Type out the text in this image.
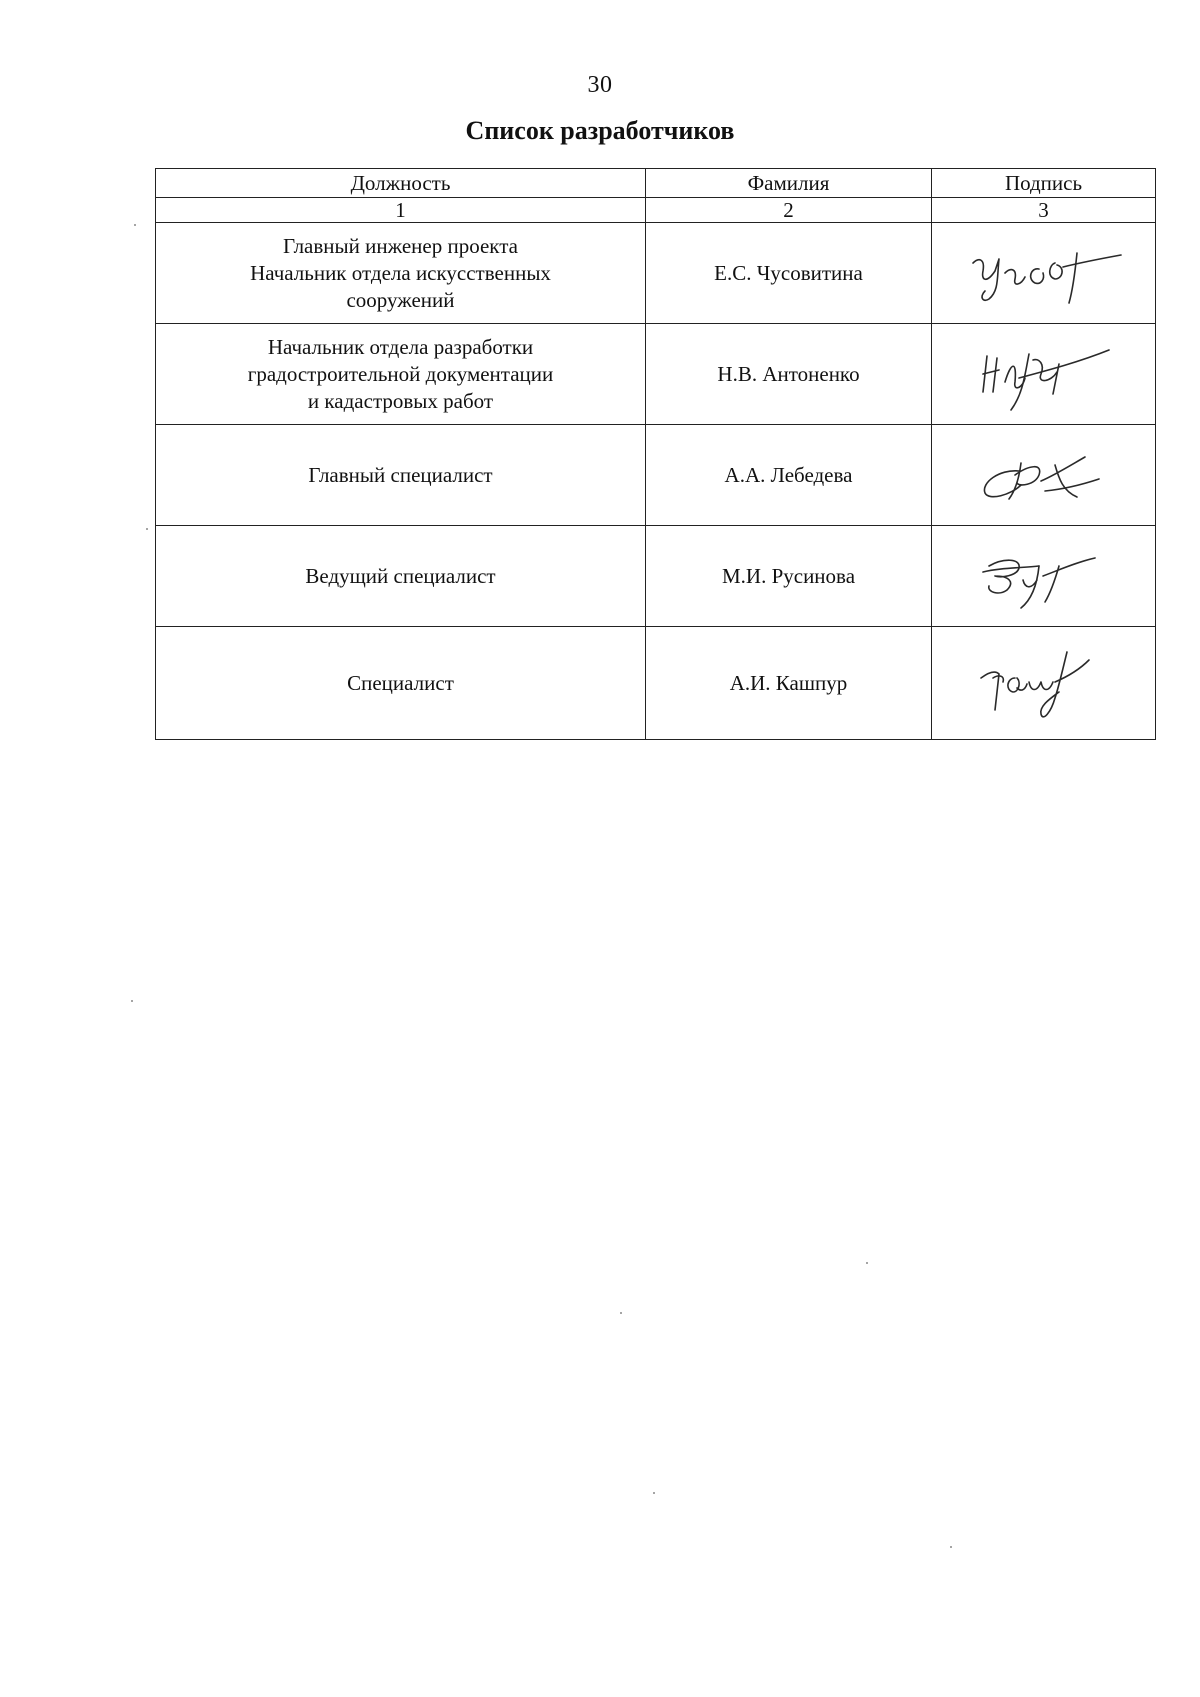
30
Список разработчиков
Должность	Фамилия	Подпись
1	2	3

Главный инженер проекта
Начальник отдела искусственных
сооружений	Е.С. Чусовитина	

Начальник отдела разработки
градостроительной документации
и кадастровых работ	Н.В. Антоненко	

Главный специалист	А.А. Лебедева	

Ведущий специалист	М.И. Русинова	

Специалист	А.И. Кашпур	
